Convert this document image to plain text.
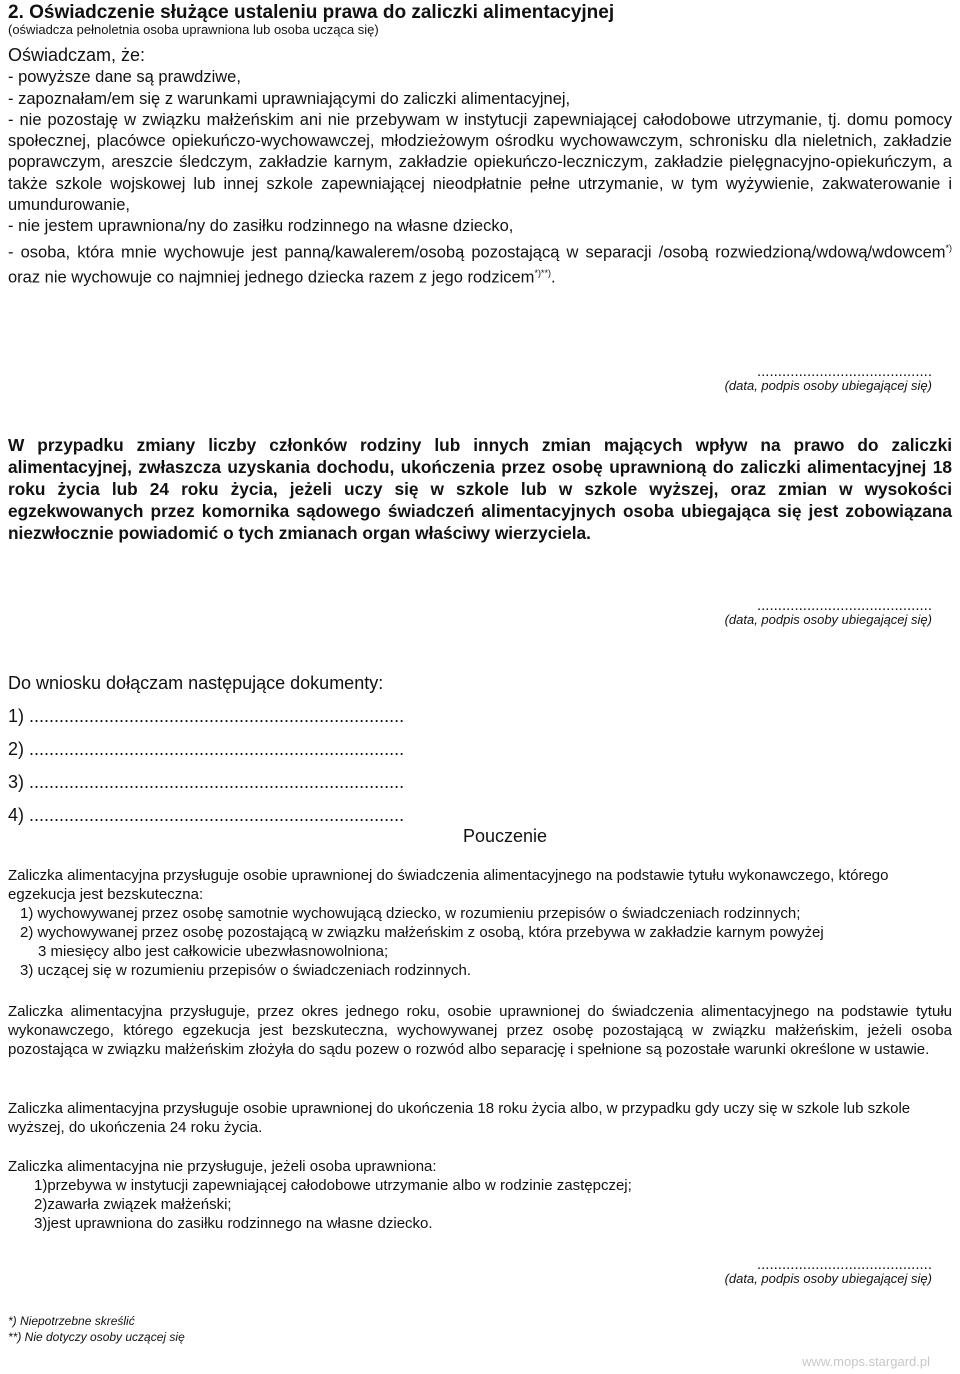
2. Oświadczenie służące ustaleniu prawa do zaliczki alimentacyjnej
(oświadcza pełnoletnia osoba uprawniona lub osoba ucząca się)
Oświadczam, że:
- powyższe dane są prawdziwe,
- zapoznałam/em się z warunkami uprawniającymi do zaliczki alimentacyjnej,
- nie pozostaję w związku małżeńskim ani nie przebywam w instytucji zapewniającej całodobowe utrzymanie, tj. domu pomocy społecznej, placówce opiekuńczo-wychowawczej, młodzieżowym ośrodku wychowawczym, schronisku dla nieletnich, zakładzie poprawczym, areszcie śledczym, zakładzie karnym, zakładzie opiekuńczo-leczniczym, zakładzie pielęgnacyjno-opiekuńczym, a także szkole wojskowej lub innej szkole zapewniającej nieodpłatnie pełne utrzymanie, w tym wyżywienie, zakwaterowanie i umundurowanie,
- nie jestem uprawniona/ny do zasiłku rodzinnego na własne dziecko,
- osoba, która mnie wychowuje jest panną/kawalerem/osobą pozostającą w separacji /osobą rozwiedzioną/wdową/wdowcem*) oraz nie wychowuje co najmniej jednego dziecka razem z jego rodzicem*)**).
..........................................
(data, podpis osoby ubiegającej się)
W przypadku zmiany liczby członków rodziny lub innych zmian mających wpływ na prawo do zaliczki alimentacyjnej, zwłaszcza uzyskania dochodu, ukończenia przez osobę uprawnioną do zaliczki alimentacyjnej 18 roku życia lub 24 roku życia, jeżeli uczy się w szkole lub w szkole wyższej, oraz zmian w wysokości egzekwowanych przez komornika sądowego świadczeń alimentacyjnych osoba ubiegająca się jest zobowiązana niezwłocznie powiadomić o tych zmianach organ właściwy wierzyciela.
..........................................
(data, podpis osoby ubiegającej się)
Do wniosku dołączam następujące dokumenty:
1) ...........................................................................
2) ...........................................................................
3) ...........................................................................
4) ...........................................................................
Pouczenie
Zaliczka alimentacyjna przysługuje osobie uprawnionej do świadczenia alimentacyjnego na podstawie tytułu wykonawczego, którego egzekucja jest bezskuteczna:
1) wychowywanej przez osobę samotnie wychowującą dziecko, w rozumieniu przepisów o świadczeniach rodzinnych;
2) wychowywanej przez osobę pozostającą w związku małżeńskim z osobą, która przebywa w zakładzie karnym powyżej
3 miesięcy albo jest całkowicie ubezwłasnowolniona;
3) uczącej się w rozumieniu przepisów o świadczeniach rodzinnych.
Zaliczka alimentacyjna przysługuje, przez okres jednego roku, osobie uprawnionej do świadczenia alimentacyjnego na podstawie tytułu wykonawczego, którego egzekucja jest bezskuteczna, wychowywanej przez osobę pozostającą w związku małżeńskim, jeżeli osoba pozostająca w związku małżeńskim złożyła do sądu pozew o rozwód albo separację i spełnione są pozostałe warunki określone w ustawie.
Zaliczka alimentacyjna przysługuje osobie uprawnionej do ukończenia 18 roku życia albo, w przypadku gdy uczy się w szkole lub szkole wyższej, do ukończenia 24 roku życia.
Zaliczka alimentacyjna nie przysługuje, jeżeli osoba uprawniona:
1)przebywa w instytucji zapewniającej całodobowe utrzymanie albo w rodzinie zastępczej;
2)zawarła związek małżeński;
3)jest uprawniona do zasiłku rodzinnego na własne dziecko.
..........................................
(data, podpis osoby ubiegającej się)
*) Niepotrzebne skreślić
**) Nie dotyczy osoby uczącej się
www.mops.stargard.pl
